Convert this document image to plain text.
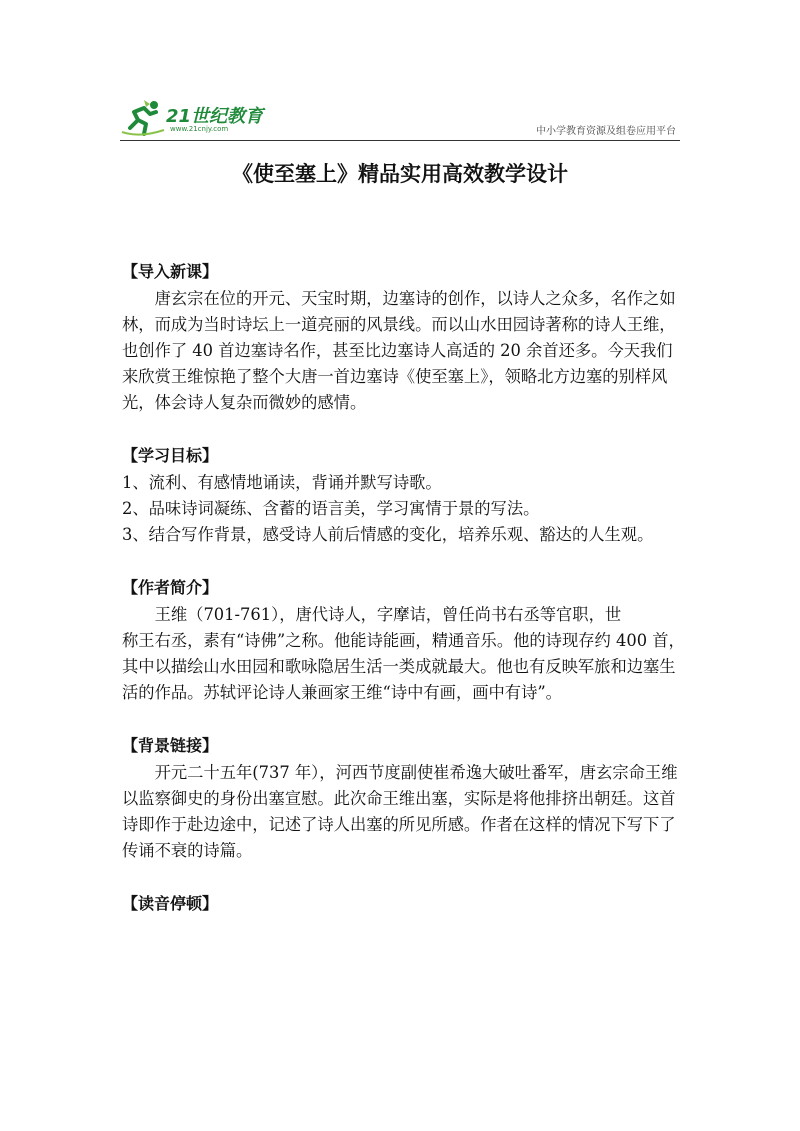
21世纪教育
www.21cnjy.com	中小学教育资源及组卷应用平台
《使至塞上》精品实用高效教学设计
【导入新课】

唐玄宗在位的开元、天宝时期，边塞诗的创作，以诗人之众多，名作之如林，而成为当时诗坛上一道亮丽的风景线。而以山水田园诗著称的诗人王维，也创作了 40 首边塞诗名作，甚至比边塞诗人高适的 20 余首还多。今天我们来欣赏王维惊艳了整个大唐一首边塞诗《使至塞上》，领略北方边塞的别样风光，体会诗人复杂而微妙的感情。

【学习目标】

1、流利、有感情地诵读，背诵并默写诗歌。

2、品味诗词凝练、含蓄的语言美，学习寓情于景的写法。

3、结合写作背景，感受诗人前后情感的变化，培养乐观、豁达的人生观。

【作者简介】

王维（701-761），唐代诗人，字摩诘，曾任尚书右丞等官职，世

称王右丞，素有“诗佛”之称。他能诗能画，精通音乐。他的诗现存约 400 首， 其中以描绘山水田园和歌咏隐居生活一类成就最大。他也有反映军旅和边塞生活的作品。苏轼评论诗人兼画家王维“诗中有画，画中有诗”。

【背景链接】

开元二十五年(737 年），河西节度副使崔希逸大破吐番军，唐玄宗命王维以监察御史的身份出塞宣慰。此次命王维出塞，实际是将他排挤出朝廷。这首诗即作于赴边途中，记述了诗人出塞的所见所感。作者在这样的情况下写下了传诵不衰的诗篇。

【读音停顿】
